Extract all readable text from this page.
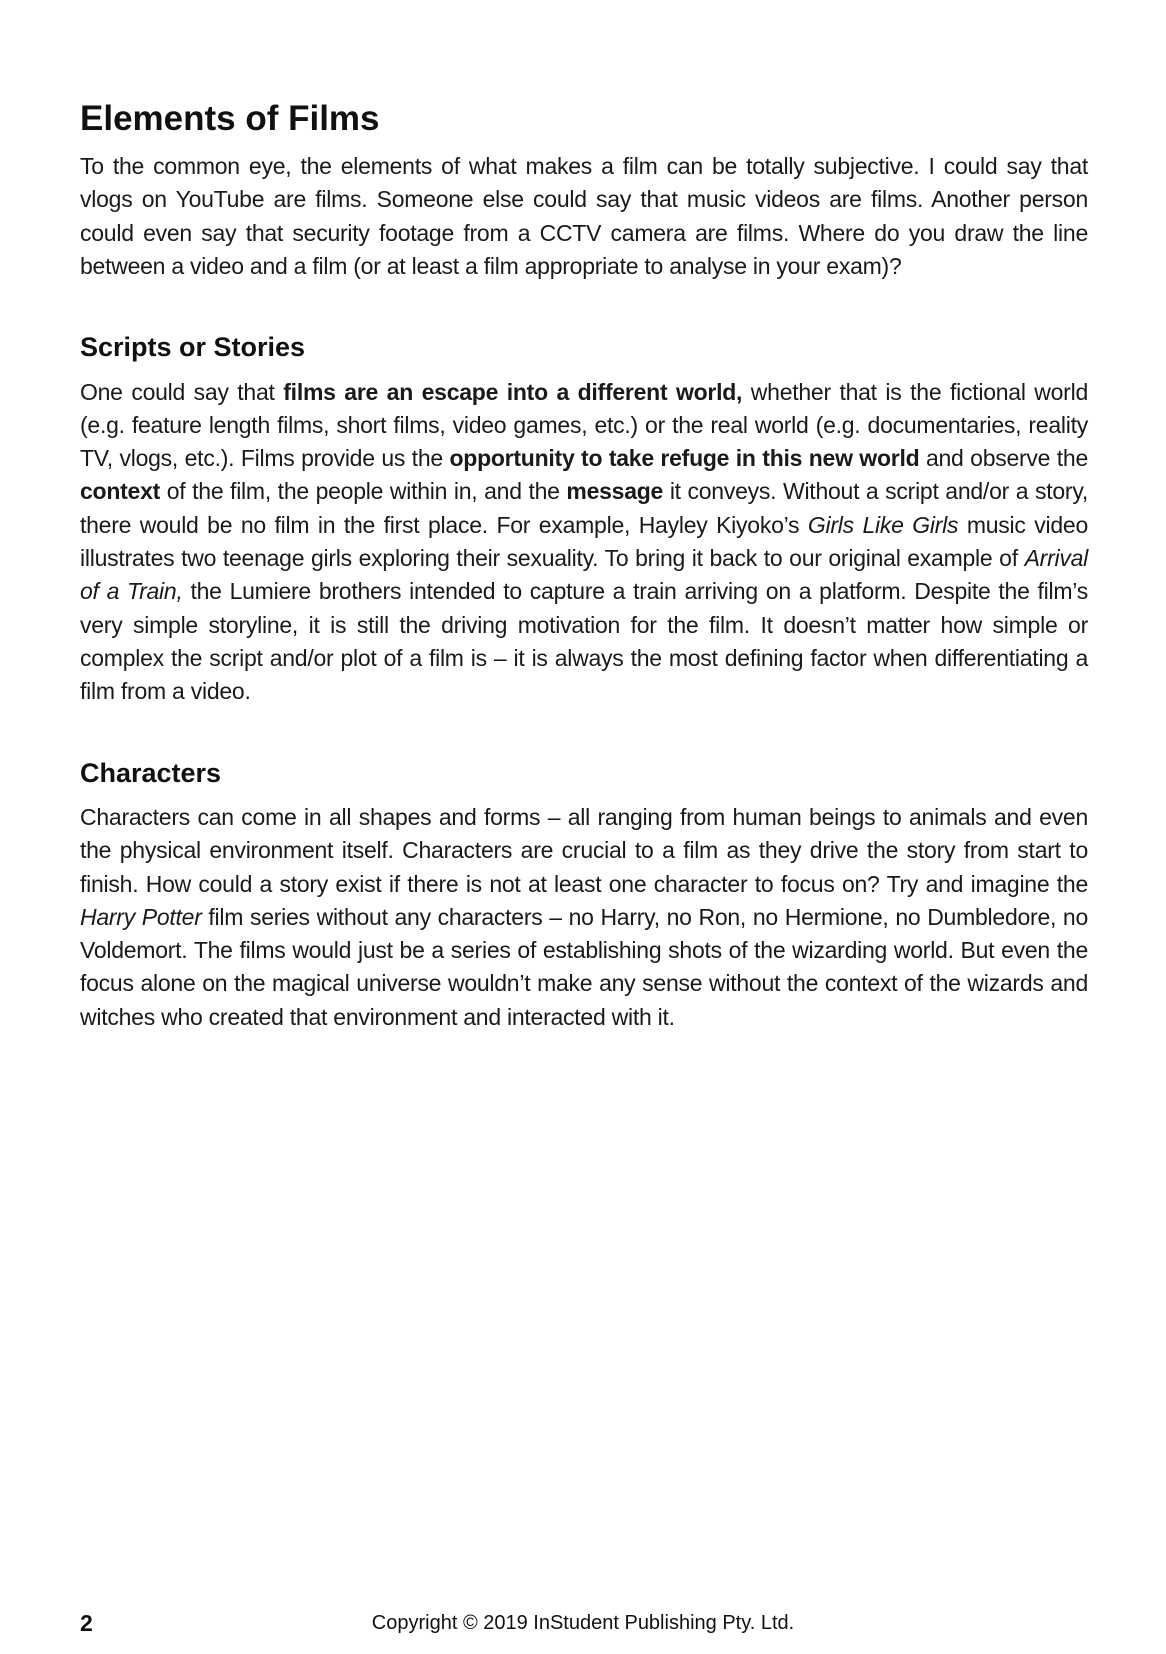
Elements of Films

To the common eye, the elements of what makes a film can be totally subjective. I could say that vlogs on YouTube are films. Someone else could say that music videos are films. Another person could even say that security footage from a CCTV camera are films. Where do you draw the line between a video and a film (or at least a film appropriate to analyse in your exam)?

Scripts or Stories

One could say that films are an escape into a different world, whether that is the fictional world (e.g. feature length films, short films, video games, etc.) or the real world (e.g. documentaries, reality TV, vlogs, etc.). Films provide us the opportunity to take refuge in this new world and observe the context of the film, the people within in, and the message it conveys. Without a script and/or a story, there would be no film in the first place. For example, Hayley Kiyoko’s Girls Like Girls music video illustrates two teenage girls exploring their sexuality. To bring it back to our original example of Arrival of a Train, the Lumiere brothers intended to capture a train arriving on a platform. Despite the film’s very simple storyline, it is still the driving motivation for the film. It doesn’t matter how simple or complex the script and/or plot of a film is – it is always the most defining factor when differentiating a film from a video.

Characters

Characters can come in all shapes and forms – all ranging from human beings to animals and even the physical environment itself. Characters are crucial to a film as they drive the story from start to finish. How could a story exist if there is not at least one character to focus on? Try and imagine the Harry Potter film series without any characters – no Harry, no Ron, no Hermione, no Dumbledore, no Voldemort. The films would just be a series of establishing shots of the wizarding world. But even the focus alone on the magical universe wouldn’t make any sense without the context of the wizards and witches who created that environment and interacted with it.

2	Copyright © 2019 InStudent Publishing Pty. Ltd.
